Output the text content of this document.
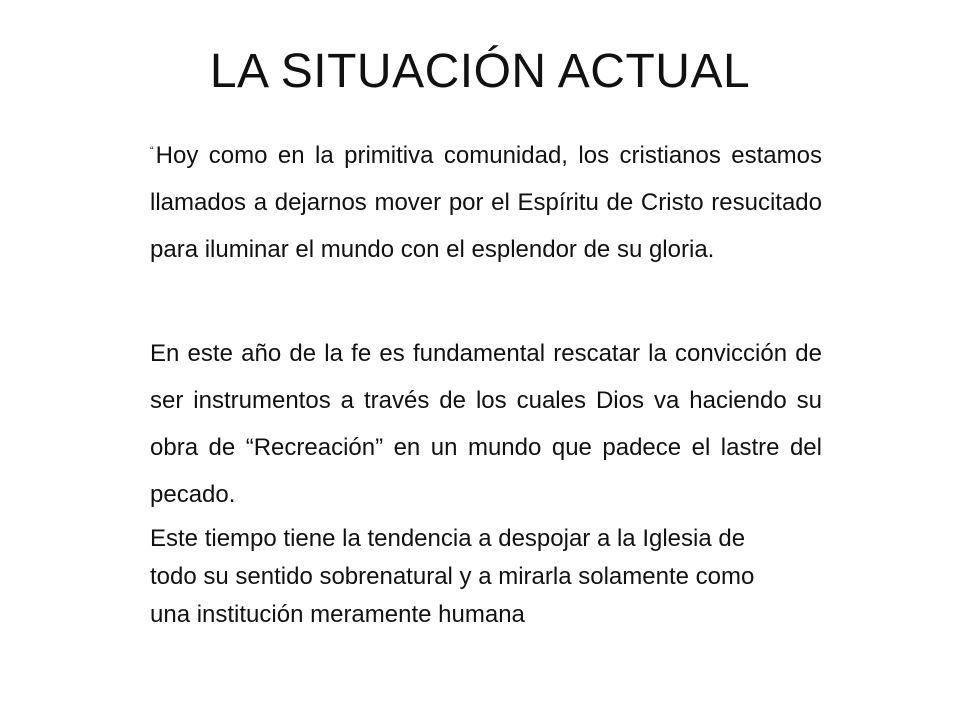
LA SITUACIÓN ACTUAL

“Hoy como en la primitiva comunidad, los cristianos estamos llamados a dejarnos mover por el Espíritu de Cristo resucitado para iluminar el mundo con el esplendor de su gloria.

En este año de la fe es fundamental rescatar la convicción de ser instrumentos a través de los cuales Dios va haciendo su obra de “Recreación” en un mundo que padece el lastre del pecado.

Este tiempo tiene la tendencia a despojar a la Iglesia de todo su sentido sobrenatural y a mirarla solamente como una institución meramente humana
